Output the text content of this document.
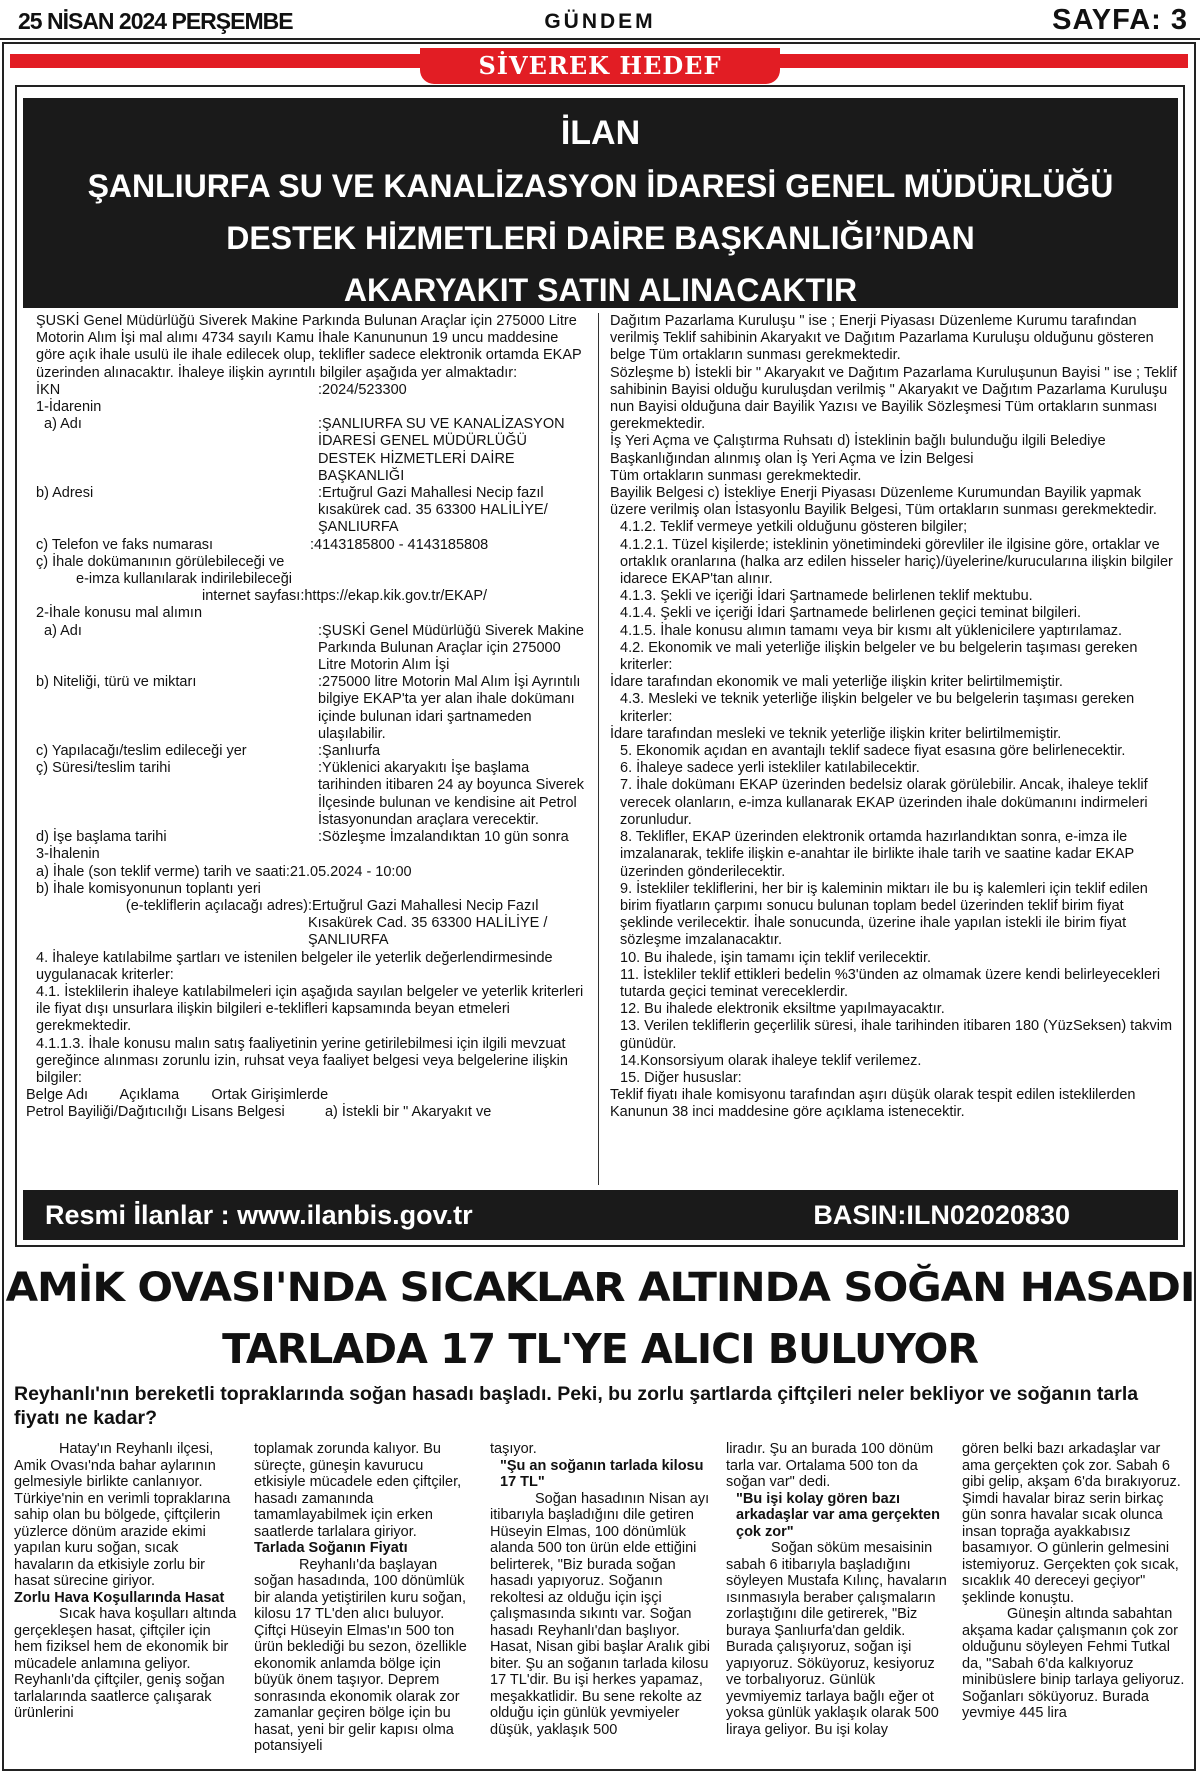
25 NİSAN 2024 PERŞEMBE	GÜNDEM	SAYFA: 3
SİVEREK HEDEF
İLAN
ŞANLIURFA SU VE KANALİZASYON İDARESİ GENEL MÜDÜRLÜĞÜ
DESTEK HİZMETLERİ DAİRE BAŞKANLIĞI’NDAN
AKARYAKIT SATIN ALINACAKTIR

ŞUSKİ Genel Müdürlüğü Siverek Makine Parkında Bulunan Araçlar için 275000 Litre Motorin Alım İşi mal alımı 4734 sayılı Kamu İhale Kanununun 19 uncu maddesine göre açık ihale usulü ile ihale edilecek olup, teklifler sadece elektronik ortamda EKAP üzerinden alınacaktır. İhaleye ilişkin ayrıntılı bilgiler aşağıda yer almaktadır:

İKN	:2024/523300

1-İdarenin

a) Adı	:ŞANLIURFA SU VE KANALİZASYON İDARESİ GENEL MÜDÜRLÜĞÜ DESTEK HİZMETLERİ DAİRE BAŞKANLIĞI
b) Adresi	:Ertuğrul Gazi Mahallesi Necip fazıl kısakürek cad. 35 63300 HALİLİYE/ŞANLIURFA
c) Telefon ve faks numarası	:4143185800 - 4143185808

ç) İhale dokümanının görülebileceği ve

e-imza kullanılarak indirilebileceği

internet sayfası:https://ekap.kik.gov.tr/EKAP/

2-İhale konusu mal alımın

a) Adı	:ŞUSKİ Genel Müdürlüğü Siverek Makine Parkında Bulunan Araçlar için 275000 Litre Motorin Alım İşi
b) Niteliği, türü ve miktarı	:275000 litre Motorin Mal Alım İşi Ayrıntılı bilgiye EKAP'ta yer alan ihale dokümanı içinde bulunan idari şartnameden ulaşılabilir.
c) Yapılacağı/teslim edileceği yer	:Şanlıurfa
ç) Süresi/teslim tarihi	:Yüklenici akaryakıtı İşe başlama tarihinden itibaren 24 ay boyunca Siverek İlçesinde bulunan ve kendisine ait Petrol İstasyonundan araçlara verecektir.
d) İşe başlama tarihi	:Sözleşme İmzalandıktan 10 gün sonra

3-İhalenin

a) İhale (son teklif verme) tarih ve saati:21.05.2024 - 10:00

b) İhale komisyonunun toplantı yeri

(e-tekliflerin açılacağı adres) :Ertuğrul Gazi Mahallesi Necip Fazıl Kısakürek Cad. 35 63300 HALİLİYE / ŞANLIURFA

4. İhaleye katılabilme şartları ve istenilen belgeler ile yeterlik değerlendirmesinde uygulanacak kriterler:

4.1. İsteklilerin ihaleye katılabilmeleri için aşağıda sayılan belgeler ve yeterlik kriterleri ile fiyat dışı unsurlara ilişkin bilgileri e-teklifleri kapsamında beyan etmeleri gerekmektedir.

4.1.1.3. İhale konusu malın satış faaliyetinin yerine getirilebilmesi için ilgili mevzuat gereğince alınması zorunlu izin, ruhsat veya faaliyet belgesi veya belgelerine ilişkin bilgiler:

Belge Adı        Açıklama        Ortak Girişimlerde

Petrol Bayiliği/Dağıtıcılığı Lisans Belgesi          a) İstekli bir " Akaryakıt ve

Dağıtım Pazarlama Kuruluşu " ise ; Enerji Piyasası Düzenleme Kurumu tarafından verilmiş Teklif sahibinin Akaryakıt ve Dağıtım Pazarlama Kuruluşu olduğunu gösteren belge Tüm ortakların sunması gerekmektedir.

Sözleşme b) İstekli bir " Akaryakıt ve Dağıtım Pazarlama Kuruluşunun Bayisi " ise ; Teklif sahibinin Bayisi olduğu kuruluşdan verilmiş " Akaryakıt ve Dağıtım Pazarlama Kuruluşu nun Bayisi olduğuna dair Bayilik Yazısı ve Bayilik Sözleşmesi Tüm ortakların sunması gerekmektedir.

İş Yeri Açma ve Çalıştırma Ruhsatı d) İsteklinin bağlı bulunduğu ilgili Belediye Başkanlığından alınmış olan İş Yeri Açma ve İzin Belgesi

Tüm ortakların sunması gerekmektedir.

Bayilik Belgesi c) İstekliye Enerji Piyasası Düzenleme Kurumundan Bayilik yapmak üzere verilmiş olan İstasyonlu Bayilik Belgesi, Tüm ortakların sunması gerekmektedir.

4.1.2. Teklif vermeye yetkili olduğunu gösteren bilgiler;

4.1.2.1. Tüzel kişilerde; isteklinin yönetimindeki görevliler ile ilgisine göre, ortaklar ve ortaklık oranlarına (halka arz edilen hisseler hariç)/üyelerine/kurucularına ilişkin bilgiler idarece EKAP'tan alınır.

4.1.3. Şekli ve içeriği İdari Şartnamede belirlenen teklif mektubu.

4.1.4. Şekli ve içeriği İdari Şartnamede belirlenen geçici teminat bilgileri.

4.1.5. İhale konusu alımın tamamı veya bir kısmı alt yüklenicilere yaptırılamaz.

4.2. Ekonomik ve mali yeterliğe ilişkin belgeler ve bu belgelerin taşıması gereken kriterler:

İdare tarafından ekonomik ve mali yeterliğe ilişkin kriter belirtilmemiştir.

4.3. Mesleki ve teknik yeterliğe ilişkin belgeler ve bu belgelerin taşıması gereken kriterler:

İdare tarafından mesleki ve teknik yeterliğe ilişkin kriter belirtilmemiştir.

5. Ekonomik açıdan en avantajlı teklif sadece fiyat esasına göre belirlenecektir.

6. İhaleye sadece yerli istekliler katılabilecektir.

7. İhale dokümanı EKAP üzerinden bedelsiz olarak görülebilir. Ancak, ihaleye teklif verecek olanların, e-imza kullanarak EKAP üzerinden ihale dokümanını indirmeleri zorunludur.

8. Teklifler, EKAP üzerinden elektronik ortamda hazırlandıktan sonra, e-imza ile imzalanarak, teklife ilişkin e-anahtar ile birlikte ihale tarih ve saatine kadar EKAP üzerinden gönderilecektir.

9. İstekliler tekliflerini, her bir iş kaleminin miktarı ile bu iş kalemleri için teklif edilen birim fiyatların çarpımı sonucu bulunan toplam bedel üzerinden teklif birim fiyat şeklinde verilecektir. İhale sonucunda, üzerine ihale yapılan istekli ile birim fiyat sözleşme imzalanacaktır.

10. Bu ihalede, işin tamamı için teklif verilecektir.

11. İstekliler teklif ettikleri bedelin %3'ünden az olmamak üzere kendi belirleyecekleri tutarda geçici teminat vereceklerdir.

12. Bu ihalede elektronik eksiltme yapılmayacaktır.

13. Verilen tekliflerin geçerlilik süresi, ihale tarihinden itibaren 180 (YüzSeksen) takvim günüdür.

14.Konsorsiyum olarak ihaleye teklif verilemez.

15. Diğer hususlar:

Teklif fiyatı ihale komisyonu tarafından aşırı düşük olarak tespit edilen isteklilerden Kanunun 38 inci maddesine göre açıklama istenecektir.

Resmi İlanlar : www.ilanbis.gov.tr	BASIN:ILN02020830
AMİK OVASI'NDA SICAKLAR ALTINDA SOĞAN HASADI
TARLADA 17 TL'YE ALICI BULUYOR
Reyhanlı'nın bereketli topraklarında soğan hasadı başladı. Peki, bu zorlu şartlarda çiftçileri neler bekliyor ve soğanın tarla fiyatı ne kadar?

Hatay'ın Reyhanlı ilçesi, Amik Ovası'nda bahar aylarının gelmesiyle birlikte canlanıyor. Türkiye'nin en verimli topraklarına sahip olan bu bölgede, çiftçilerin yüzlerce dönüm arazide ekimi yapılan kuru soğan, sıcak havaların da etkisiyle zorlu bir hasat sürecine giriyor.

Zorlu Hava Koşullarında Hasat

Sıcak hava koşulları altında gerçekleşen hasat, çiftçiler için hem fiziksel hem de ekonomik bir mücadele anlamına geliyor. Reyhanlı'da çiftçiler, geniş soğan tarlalarında saatlerce çalışarak ürünlerini

toplamak zorunda kalıyor. Bu süreçte, güneşin kavurucu etkisiyle mücadele eden çiftçiler, hasadı zamanında tamamlayabilmek için erken saatlerde tarlalara giriyor.

Tarlada Soğanın Fiyatı

Reyhanlı'da başlayan soğan hasadında, 100 dönümlük bir alanda yetiştirilen kuru soğan, kilosu 17 TL'den alıcı buluyor. Çiftçi Hüseyin Elmas'ın 500 ton ürün beklediği bu sezon, özellikle ekonomik anlamda bölge için büyük önem taşıyor. Deprem sonrasında ekonomik olarak zor zamanlar geçiren bölge için bu hasat, yeni bir gelir kapısı olma potansiyeli

taşıyor.

"Şu an soğanın tarlada kilosu 17 TL"

Soğan hasadının Nisan ayı itibarıyla başladığını dile getiren Hüseyin Elmas, 100 dönümlük alanda 500 ton ürün elde ettiğini belirterek, "Biz burada soğan hasadı yapıyoruz. Soğanın rekoltesi az olduğu için işçi çalışmasında sıkıntı var. Soğan hasadı Reyhanlı'dan başlıyor. Hasat, Nisan gibi başlar Aralık gibi biter. Şu an soğanın tarlada kilosu 17 TL'dir. Bu işi herkes yapamaz, meşakkatlidir. Bu sene rekolte az olduğu için günlük yevmiyeler düşük, yaklaşık 500

liradır. Şu an burada 100 dönüm tarla var. Ortalama 500 ton da soğan var" dedi.

"Bu işi kolay gören bazı arkadaşlar var ama gerçekten çok zor"

Soğan söküm mesaisinin sabah 6 itibarıyla başladığını söyleyen Mustafa Kılınç, havaların ısınmasıyla beraber çalışmaların zorlaştığını dile getirerek, "Biz buraya Şanlıurfa'dan geldik. Burada çalışıyoruz, soğan işi yapıyoruz. Söküyoruz, kesiyoruz ve torbalıyoruz. Günlük yevmiyemiz tarlaya bağlı eğer ot yoksa günlük yaklaşık olarak 500 liraya geliyor. Bu işi kolay

gören belki bazı arkadaşlar var ama gerçekten çok zor. Sabah 6 gibi gelip, akşam 6'da bırakıyoruz. Şimdi havalar biraz serin birkaç gün sonra havalar sıcak olunca insan toprağa ayakkabısız basamıyor. O günlerin gelmesini istemiyoruz. Gerçekten çok sıcak, sıcaklık 40 dereceyi geçiyor" şeklinde konuştu.

Güneşin altında sabahtan akşama kadar çalışmanın çok zor olduğunu söyleyen Fehmi Tutkal da, "Sabah 6'da kalkıyoruz minibüslere binip tarlaya geliyoruz. Soğanları söküyoruz. Burada yevmiye 445 lira
